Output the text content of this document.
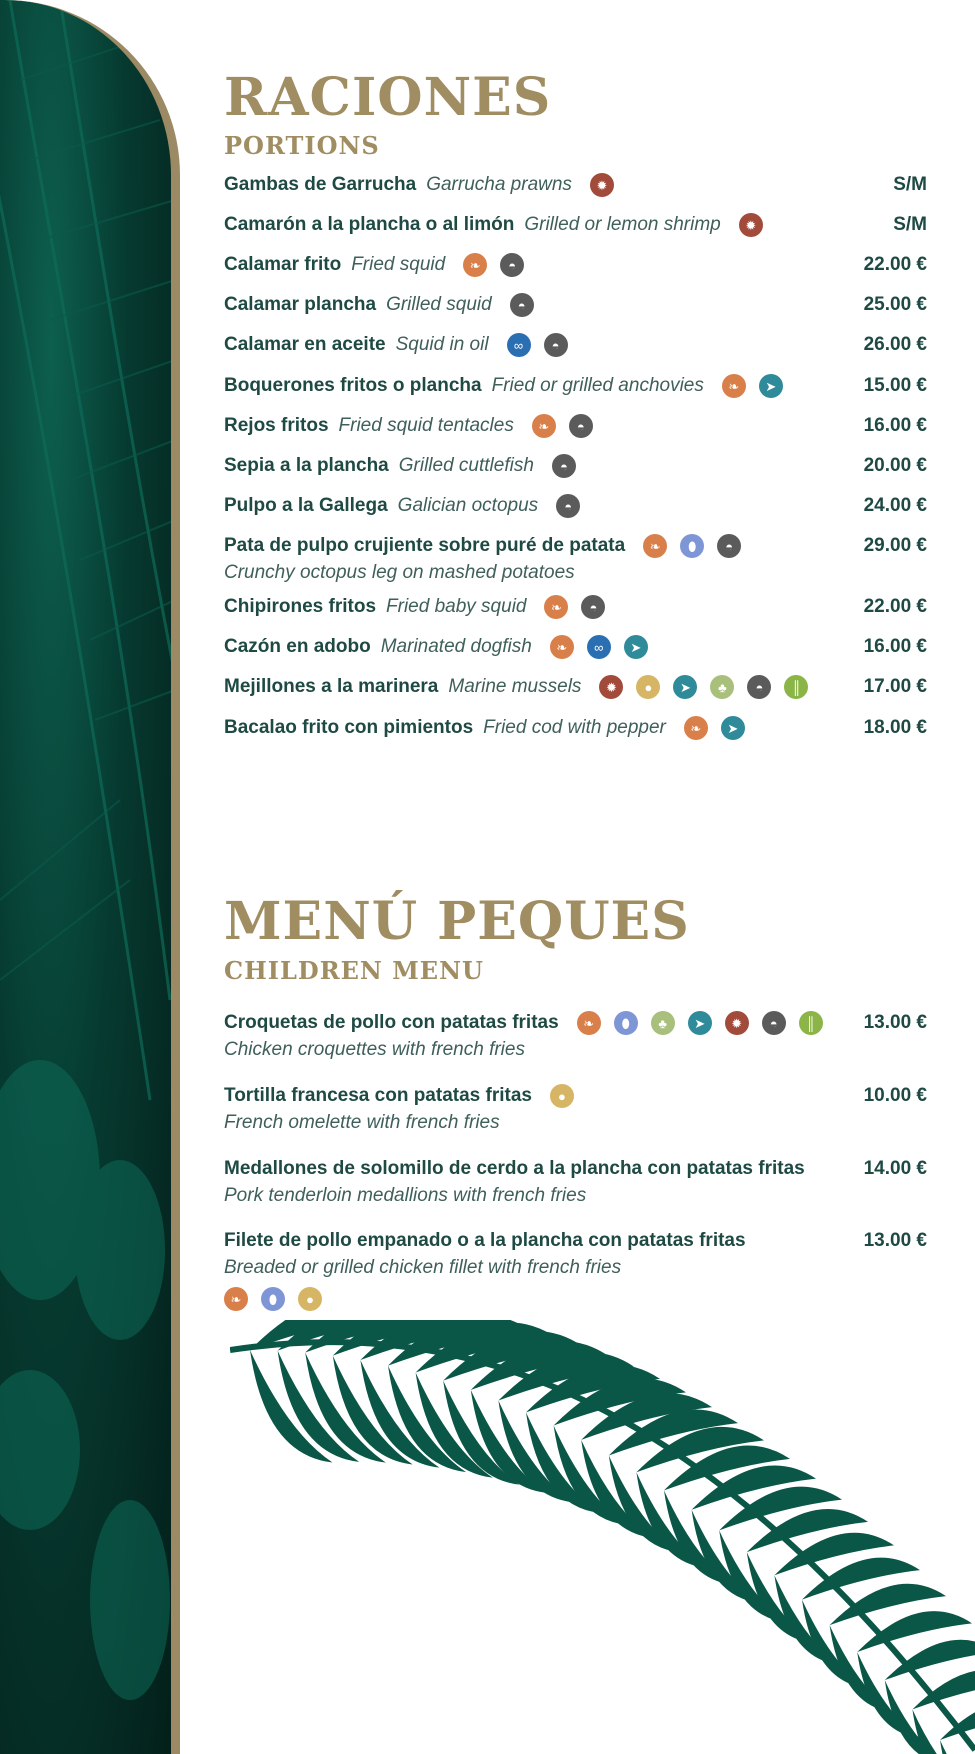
RACIONES
PORTIONS
Gambas de Garrucha Garrucha prawns	✹	S/M
Camarón a la plancha o al limón Grilled or lemon shrimp	✹	S/M
Calamar frito Fried squid	❧	◓	22.00 €
Calamar plancha Grilled squid	◓	25.00 €
Calamar en aceite Squid in oil	∞	◓	26.00 €
Boquerones fritos o plancha Fried or grilled anchovies	❧	➤	15.00 €
Rejos fritos Fried squid tentacles	❧	◓	16.00 €
Sepia a la plancha Grilled cuttlefish	◓	20.00 €
Pulpo a la Gallega Galician octopus	◓	24.00 €
Pata de pulpo crujiente sobre puré de patata	❧	⬮	◓	29.00 €
Crunchy octopus leg on mashed potatoes
Chipirones fritos Fried baby squid	❧	◓	22.00 €
Cazón en adobo Marinated dogfish	❧	∞	➤	16.00 €
Mejillones a la marinera Marine mussels	✹	●	➤	♣	◓	║	17.00 €
Bacalao frito con pimientos Fried cod with pepper	❧	➤	18.00 €
MENÚ PEQUES
CHILDREN MENU
Croquetas de pollo con patatas fritas	❧	⬮	♣	➤	✹	◓	║	13.00 €
Chicken croquettes with french fries
Tortilla francesa con patatas fritas	●	10.00 €
French omelette with french fries
Medallones de solomillo de cerdo a la plancha con patatas fritas	14.00 €
Pork tenderloin medallions with french fries
Filete de pollo empanado o a la plancha con patatas fritas	13.00 €
Breaded or grilled chicken fillet with french fries
❧	⬮	●
